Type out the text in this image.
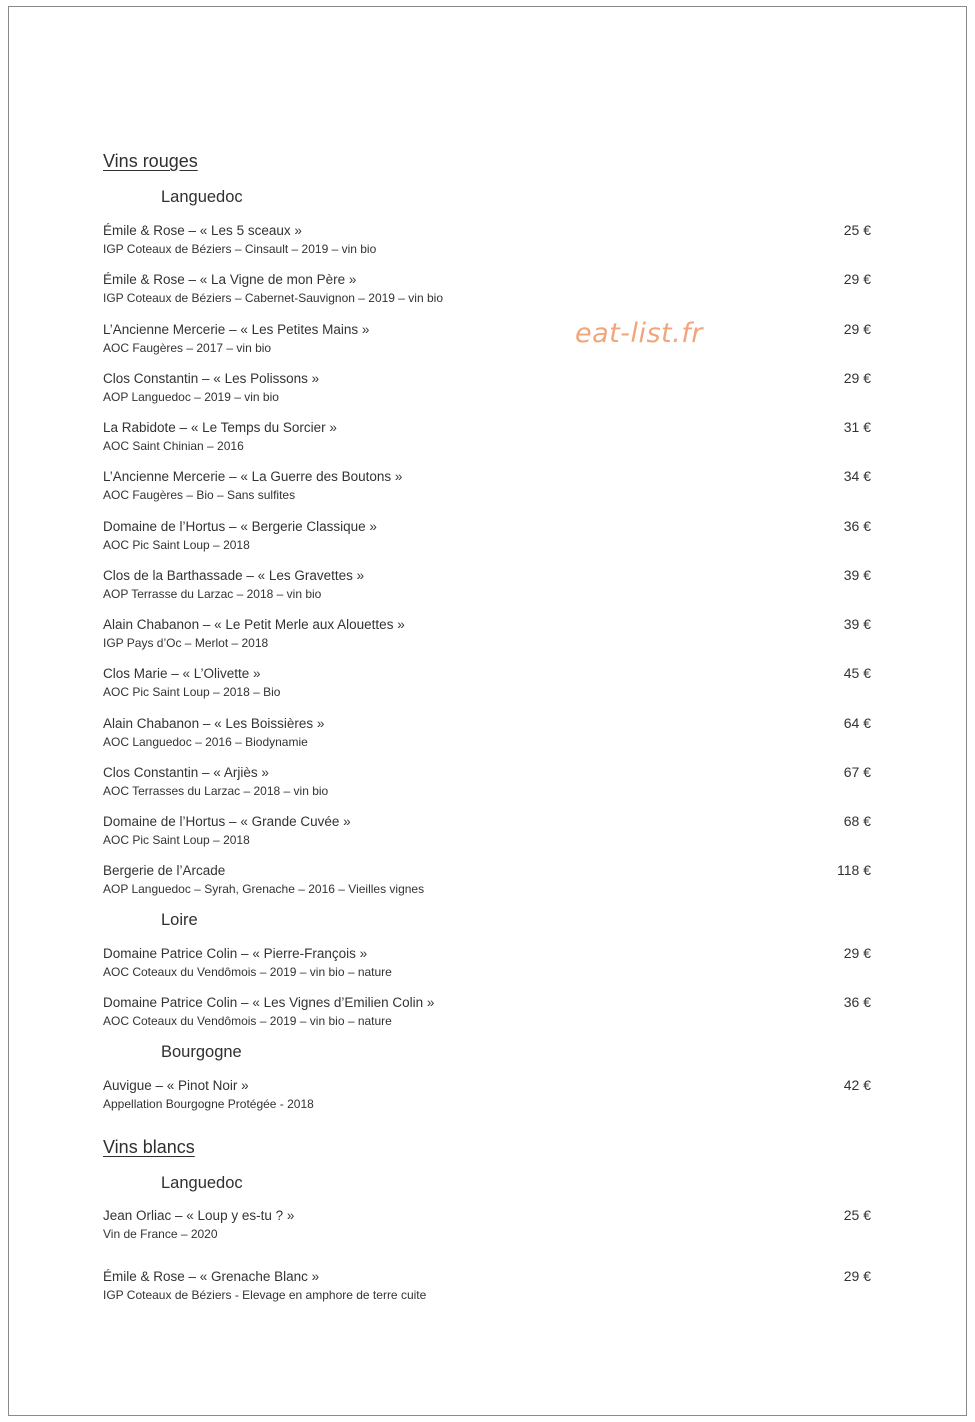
eat-list.fr
Vins rouges
Languedoc
Émile & Rose – « Les 5 sceaux »
IGP Coteaux de Béziers – Cinsault – 2019 – vin bio
25 €
Émile & Rose – « La Vigne de mon Père »
IGP Coteaux de Béziers – Cabernet-Sauvignon – 2019 – vin bio
29 €
L’Ancienne Mercerie – « Les Petites Mains »
AOC Faugères – 2017 – vin bio
29 €
Clos Constantin – « Les Polissons »
AOP Languedoc – 2019 – vin bio
29 €
La Rabidote – « Le Temps du Sorcier »
AOC Saint Chinian – 2016
31 €
L’Ancienne Mercerie – « La Guerre des Boutons »
AOC Faugères – Bio – Sans sulfites
34 €
Domaine de l’Hortus – « Bergerie Classique »
AOC Pic Saint Loup – 2018
36 €
Clos de la Barthassade – « Les Gravettes »
AOP Terrasse du Larzac – 2018 – vin bio
39 €
Alain Chabanon – « Le Petit Merle aux Alouettes »
IGP Pays d’Oc – Merlot – 2018
39 €
Clos Marie – « L’Olivette »
AOC Pic Saint Loup – 2018 – Bio
45 €
Alain Chabanon – « Les Boissières »
AOC Languedoc – 2016 – Biodynamie
64 €
Clos Constantin – « Arjiès »
AOC Terrasses du Larzac – 2018 – vin bio
67 €
Domaine de l’Hortus – « Grande Cuvée »
AOC Pic Saint Loup – 2018
68 €
Bergerie de l’Arcade
AOP Languedoc – Syrah, Grenache – 2016 – Vieilles vignes
118 €
Loire
Domaine Patrice Colin – « Pierre-François »
AOC Coteaux du Vendômois – 2019 – vin bio – nature
29 €
Domaine Patrice Colin – « Les Vignes d’Emilien Colin »
AOC Coteaux du Vendômois – 2019 – vin bio – nature
36 €
Bourgogne
Auvigue – « Pinot Noir »
Appellation Bourgogne Protégée - 2018
42 €
Vins blancs
Languedoc
Jean Orliac – « Loup y es-tu ? »
Vin de France – 2020
25 €
Émile & Rose – « Grenache Blanc »
IGP Coteaux de Béziers - Elevage en amphore de terre cuite
29 €
